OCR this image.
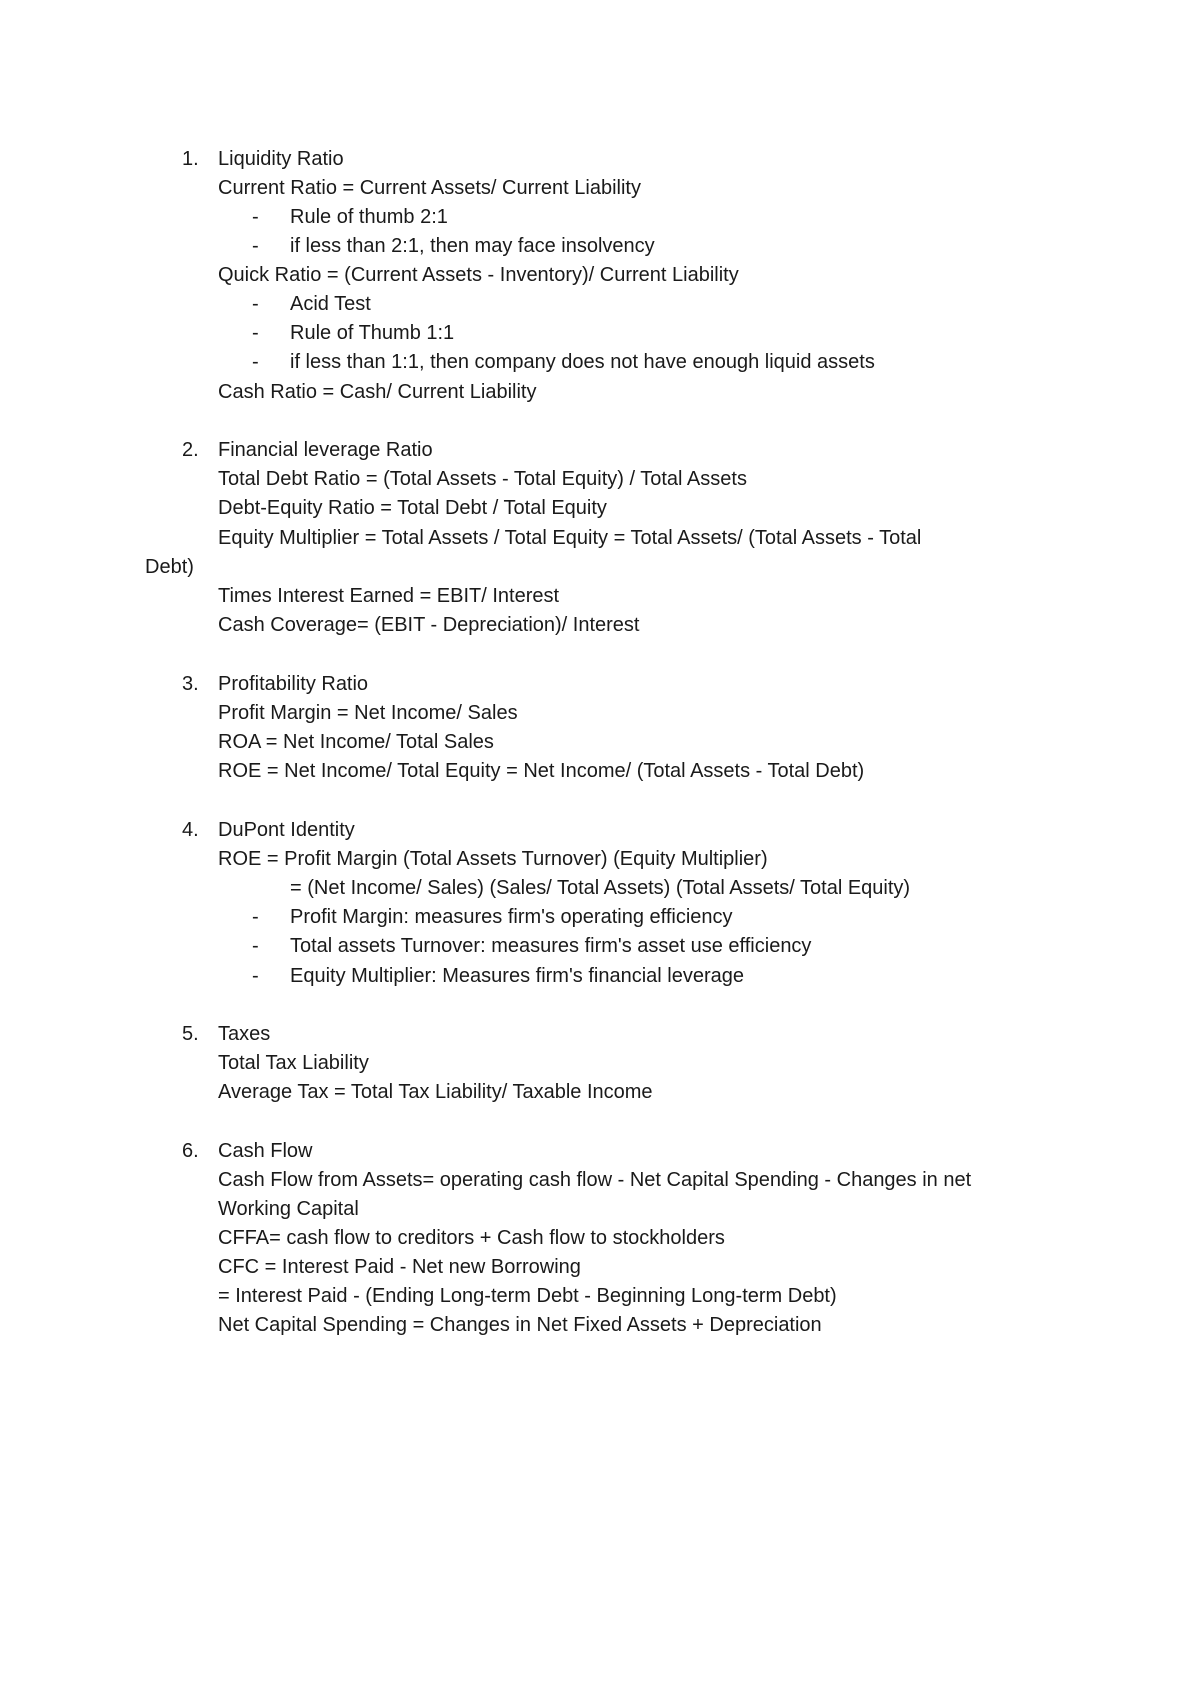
1. Liquidity Ratio
Current Ratio = Current Assets/ Current Liability
- Rule of thumb 2:1
- if less than 2:1, then may face insolvency
Quick Ratio = (Current Assets - Inventory)/ Current Liability
- Acid Test
- Rule of Thumb 1:1
- if less than 1:1, then company does not have enough liquid assets
Cash Ratio = Cash/ Current Liability
2. Financial leverage Ratio
Total Debt Ratio = (Total Assets - Total Equity) / Total Assets
Debt-Equity Ratio = Total Debt / Total Equity
Equity Multiplier = Total Assets / Total Equity = Total Assets/ (Total Assets - Total
Debt)
Times Interest Earned = EBIT/ Interest
Cash Coverage= (EBIT - Depreciation)/ Interest
3. Profitability Ratio
Profit Margin = Net Income/ Sales
ROA = Net Income/ Total Sales
ROE = Net Income/ Total Equity = Net Income/ (Total Assets - Total Debt)
4. DuPont Identity
ROE = Profit Margin (Total Assets Turnover) (Equity Multiplier)
= (Net Income/ Sales) (Sales/ Total Assets) (Total Assets/ Total Equity)
- Profit Margin: measures firm's operating efficiency
- Total assets Turnover: measures firm's asset use efficiency
- Equity Multiplier: Measures firm's financial leverage
5. Taxes
Total Tax Liability
Average Tax = Total Tax Liability/ Taxable Income
6. Cash Flow
Cash Flow from Assets= operating cash flow - Net Capital Spending - Changes in net
Working Capital
CFFA= cash flow to creditors + Cash flow to stockholders
CFC = Interest Paid - Net new Borrowing
= Interest Paid - (Ending Long-term Debt - Beginning Long-term Debt)
Net Capital Spending = Changes in Net Fixed Assets + Depreciation
